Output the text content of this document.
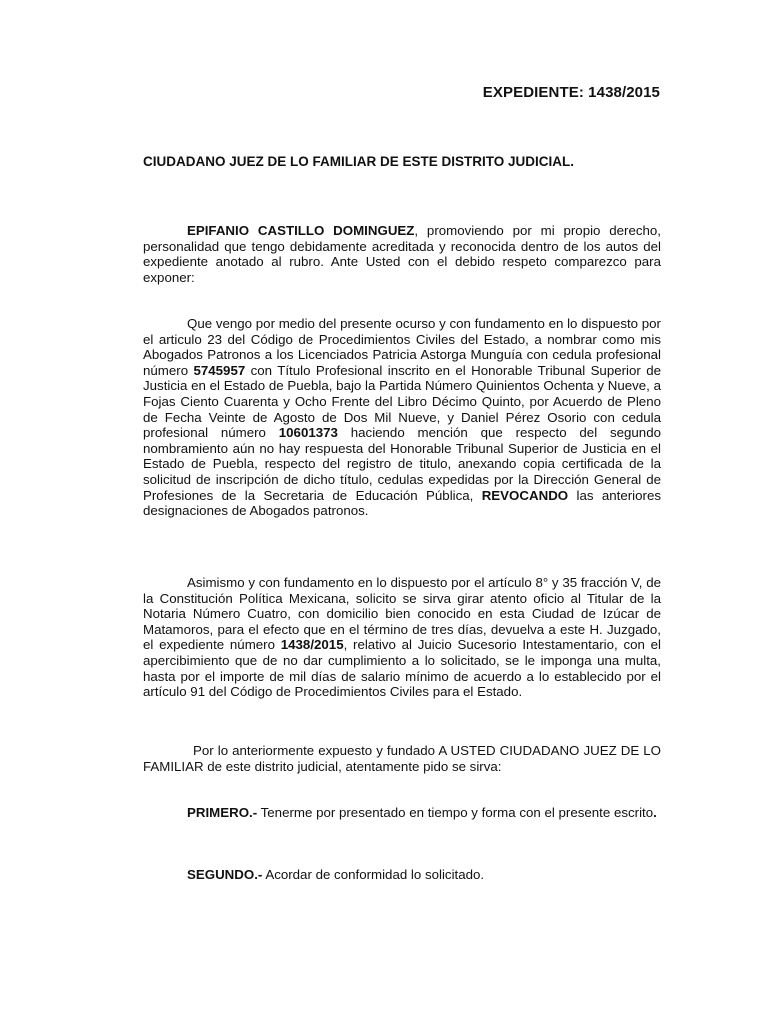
EXPEDIENTE: 1438/2015
CIUDADANO JUEZ DE LO FAMILIAR DE ESTE DISTRITO JUDICIAL.

EPIFANIO CASTILLO DOMINGUEZ, promoviendo por mi propio derecho, personalidad que tengo debidamente acreditada y reconocida dentro de los autos del expediente anotado al rubro. Ante Usted con el debido respeto comparezco para exponer:

Que vengo por medio del presente ocurso y con fundamento en lo dispuesto por el articulo 23 del Código de Procedimientos Civiles del Estado, a nombrar como mis Abogados Patronos a los Licenciados Patricia Astorga Munguía con cedula profesional número 5745957 con Título Profesional inscrito en el Honorable Tribunal Superior de Justicia en el Estado de Puebla, bajo la Partida Número Quinientos Ochenta y Nueve, a Fojas Ciento Cuarenta y Ocho Frente del Libro Décimo Quinto, por Acuerdo de Pleno de Fecha Veinte de Agosto de Dos Mil Nueve, y Daniel Pérez Osorio con cedula profesional número 10601373 haciendo mención que respecto del segundo nombramiento aún no hay respuesta del Honorable Tribunal Superior de Justicia en el Estado de Puebla, respecto del registro de titulo, anexando copia certificada de la solicitud de inscripción de dicho título, cedulas expedidas por la Dirección General de Profesiones de la Secretaria de Educación Pública, REVOCANDO las anteriores designaciones de Abogados patronos.

Asimismo y con fundamento en lo dispuesto por el artículo 8° y 35 fracción V, de la Constitución Política Mexicana, solicito se sirva girar atento oficio al Titular de la Notaria Número Cuatro, con domicilio bien conocido en esta Ciudad de Izúcar de Matamoros, para el efecto que en el término de tres días, devuelva a este H. Juzgado, el expediente número 1438/2015, relativo al Juicio Sucesorio Intestamentario, con el apercibimiento que de no dar cumplimiento a lo solicitado, se le imponga una multa, hasta por el importe de mil días de salario mínimo de acuerdo a lo establecido por el artículo 91 del Código de Procedimientos Civiles para el Estado.

Por lo anteriormente expuesto y fundado A USTED CIUDADANO JUEZ DE LO FAMILIAR de este distrito judicial, atentamente pido se sirva:

PRIMERO.- Tenerme por presentado en tiempo y forma con el presente escrito.

SEGUNDO.- Acordar de conformidad lo solicitado.
